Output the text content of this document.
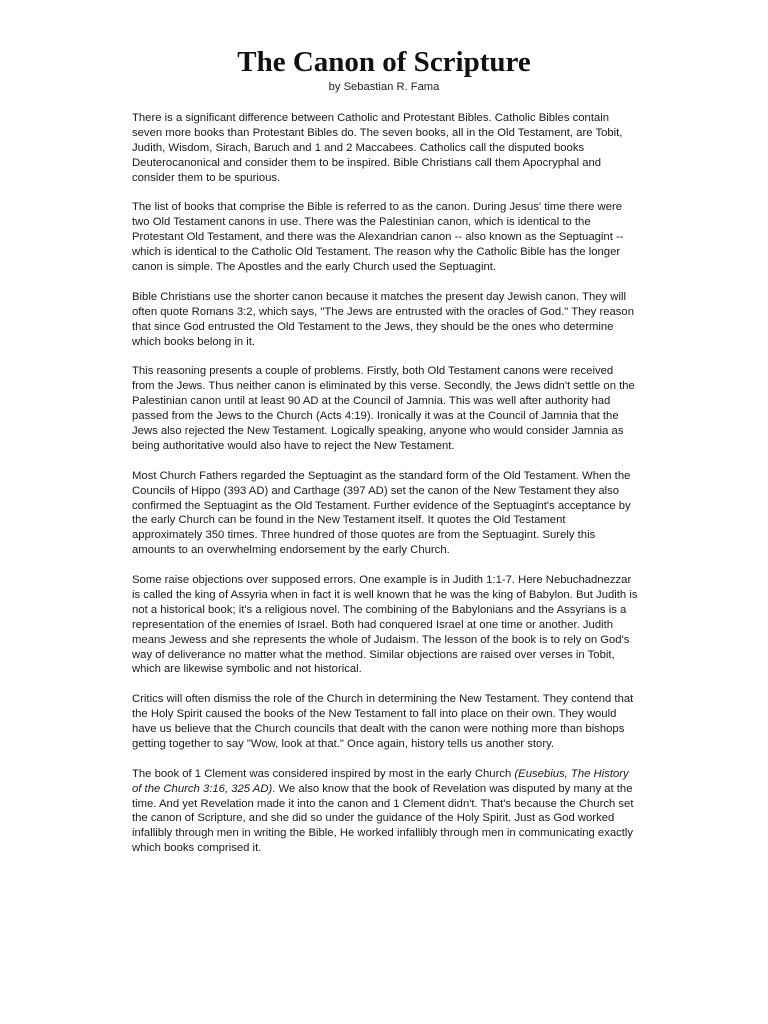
The Canon of Scripture
by Sebastian R. Fama

There is a significant difference between Catholic and Protestant Bibles. Catholic Bibles contain seven more books than Protestant Bibles do. The seven books, all in the Old Testament, are Tobit, Judith, Wisdom, Sirach, Baruch and 1 and 2 Maccabees. Catholics call the disputed books Deuterocanonical and consider them to be inspired. Bible Christians call them Apocryphal and consider them to be spurious.

The list of books that comprise the Bible is referred to as the canon. During Jesus' time there were two Old Testament canons in use. There was the Palestinian canon, which is identical to the Protestant Old Testament, and there was the Alexandrian canon -- also known as the Septuagint -- which is identical to the Catholic Old Testament. The reason why the Catholic Bible has the longer canon is simple. The Apostles and the early Church used the Septuagint.

Bible Christians use the shorter canon because it matches the present day Jewish canon. They will often quote Romans 3:2, which says, "The Jews are entrusted with the oracles of God." They reason that since God entrusted the Old Testament to the Jews, they should be the ones who determine which books belong in it.

This reasoning presents a couple of problems. Firstly, both Old Testament canons were received from the Jews. Thus neither canon is eliminated by this verse. Secondly, the Jews didn't settle on the Palestinian canon until at least 90 AD at the Council of Jamnia. This was well after authority had passed from the Jews to the Church (Acts 4:19). Ironically it was at the Council of Jamnia that the Jews also rejected the New Testament. Logically speaking, anyone who would consider Jamnia as being authoritative would also have to reject the New Testament.

Most Church Fathers regarded the Septuagint as the standard form of the Old Testament. When the Councils of Hippo (393 AD) and Carthage (397 AD) set the canon of the New Testament they also confirmed the Septuagint as the Old Testament. Further evidence of the Septuagint's acceptance by the early Church can be found in the New Testament itself. It quotes the Old Testament approximately 350 times. Three hundred of those quotes are from the Septuagint. Surely this amounts to an overwhelming endorsement by the early Church.

Some raise objections over supposed errors. One example is in Judith 1:1-7. Here Nebuchadnezzar is called the king of Assyria when in fact it is well known that he was the king of Babylon. But Judith is not a historical book; it's a religious novel. The combining of the Babylonians and the Assyrians is a representation of the enemies of Israel. Both had conquered Israel at one time or another. Judith means Jewess and she represents the whole of Judaism. The lesson of the book is to rely on God's way of deliverance no matter what the method. Similar objections are raised over verses in Tobit, which are likewise symbolic and not historical.

Critics will often dismiss the role of the Church in determining the New Testament. They contend that the Holy Spirit caused the books of the New Testament to fall into place on their own. They would have us believe that the Church councils that dealt with the canon were nothing more than bishops getting together to say "Wow, look at that." Once again, history tells us another story.

The book of 1 Clement was considered inspired by most in the early Church (Eusebius, The History of the Church 3:16, 325 AD). We also know that the book of Revelation was disputed by many at the time. And yet Revelation made it into the canon and 1 Clement didn't. That's because the Church set the canon of Scripture, and she did so under the guidance of the Holy Spirit. Just as God worked infallibly through men in writing the Bible, He worked infallibly through men in communicating exactly which books comprised it.
